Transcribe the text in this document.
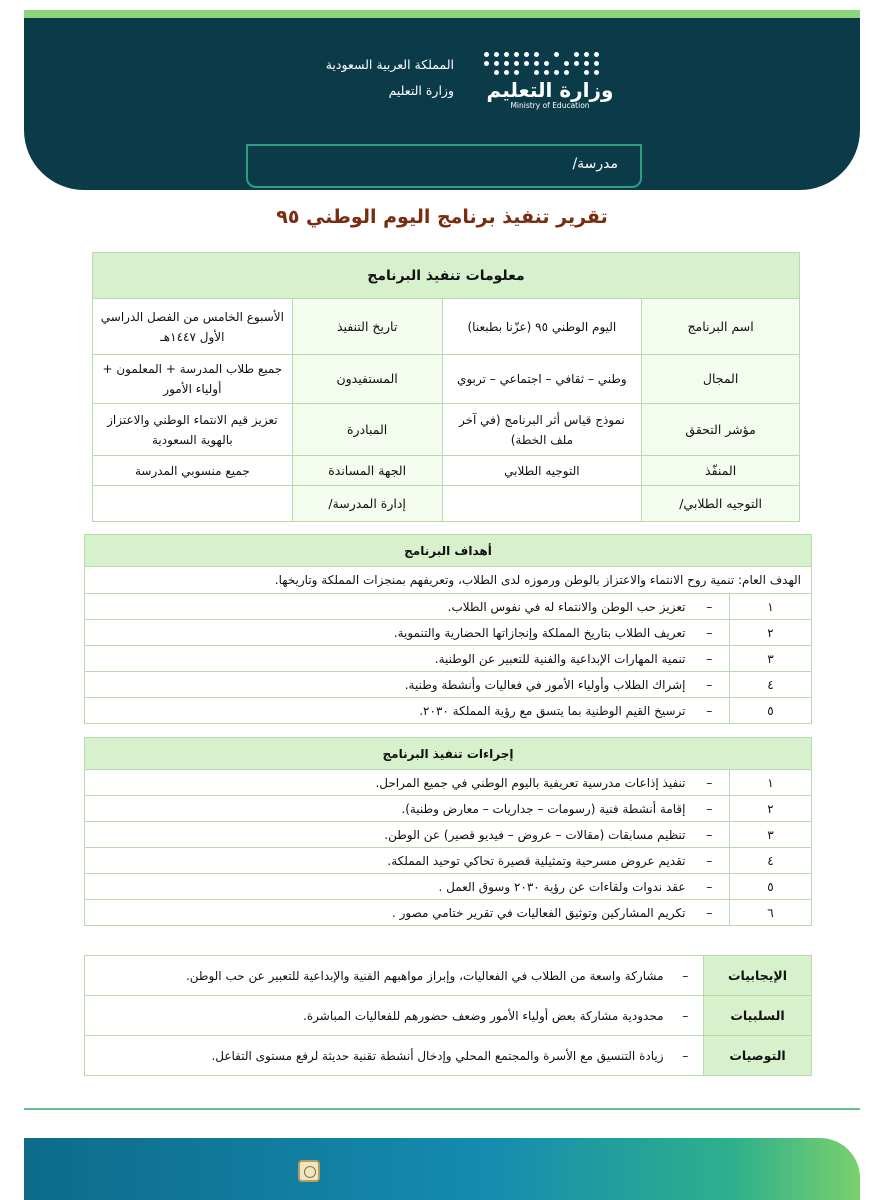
المملكة العربية السعودية
وزارة التعليم وزارة التعليم
Ministry of Education
مدرسة/
تقرير تنفيذ برنامج اليوم الوطني ٩٥
معلومات تنفيذ البرنامج			
اسم البرنامج	اليوم الوطني ٩٥ (عزّنا بطبعنا)	تاريخ التنفيذ	الأسبوع الخامس من الفصل الدراسي الأول ١٤٤٧هـ
المجال	وطني – ثقافي – اجتماعي – تربوي	المستفيدون	جميع طلاب المدرسة + المعلمون + أولياء الأمور
مؤشر التحقق	نموذج قياس أثر البرنامج (في آخر ملف الخطة)	المبادرة	تعزيز قيم الانتماء الوطني والاعتزاز بالهوية السعودية
المنفّذ	التوجيه الطلابي	الجهة المساندة	جميع منسوبي المدرسة
التوجيه الطلابي/		إدارة المدرسة/	
أهداف البرنامج		
الهدف العام: تنمية روح الانتماء والاعتزاز بالوطن ورموزه لدى الطلاب، وتعريفهم بمنجزات المملكة وتاريخها.		
١	–	تعزيز حب الوطن والانتماء له في نفوس الطلاب.
٢	–	تعريف الطلاب بتاريخ المملكة وإنجازاتها الحضارية والتنموية.
٣	–	تنمية المهارات الإبداعية والفنية للتعبير عن الوطنية.
٤	–	إشراك الطلاب وأولياء الأمور في فعاليات وأنشطة وطنية.
٥	–	ترسيخ القيم الوطنية بما يتسق مع رؤية المملكة ٢٠٣٠.
إجراءات تنفيذ البرنامج		
١	–	تنفيذ إذاعات مدرسية تعريفية باليوم الوطني في جميع المراحل.
٢	–	إقامة أنشطة فنية (رسومات – جداريات – معارض وطنية).
٣	–	تنظيم مسابقات (مقالات – عروض – فيديو قصير) عن الوطن.
٤	–	تقديم عروض مسرحية وتمثيلية قصيرة تحاكي توحيد المملكة.
٥	–	عقد ندوات ولقاءات عن رؤية ٢٠٣٠ وسوق العمل .
٦	–	تكريم المشاركين وتوثيق الفعاليات في تقرير ختامي مصور .
الإيجابيات	–	مشاركة واسعة من الطلاب في الفعاليات، وإبراز مواهبهم الفنية والإبداعية للتعبير عن حب الوطن.
السلبيات	–	محدودية مشاركة بعض أولياء الأمور وضعف حضورهم للفعاليات المباشرة.
التوصيات	–	زيادة التنسيق مع الأسرة والمجتمع المحلي وإدخال أنشطة تقنية حديثة لرفع مستوى التفاعل.
